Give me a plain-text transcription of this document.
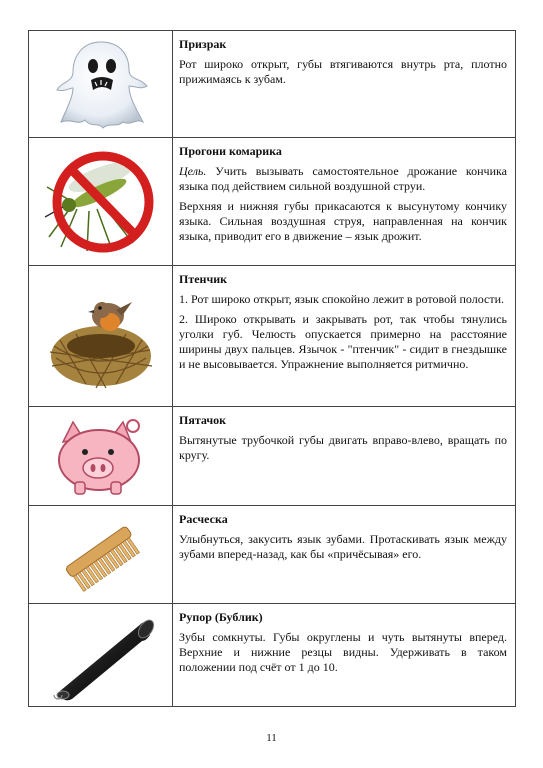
Призрак

Рот широко открыт, губы втягиваются внутрь рта, плотно прижимаясь к зубам.

Прогони комарика

Цель. Учить вызывать самостоятельное дрожание кончика языка под действием сильной воздушной струи.

Верхняя и нижняя губы прикасаются к высунутому кончику языка. Сильная воздушная струя, направленная на кончик языка, приводит его в движение – язык дрожит.

Птенчик

1. Рот широко открыт, язык спокойно лежит в ротовой полости.

2. Широко открывать и закрывать рот, так чтобы тянулись уголки губ. Челюсть опускается примерно на расстояние ширины двух пальцев. Язычок - "птенчик" - сидит в гнездышке и не высовывается. Упражнение выполняется ритмично.

Пятачок

Вытянутые трубочкой губы двигать вправо-влево, вращать по кругу.

Расческа

Улыбнуться, закусить язык зубами. Протаскивать язык между зубами вперед-назад, как бы «причёсывая» его.

Рупор (Бублик)

Зубы сомкнуты. Губы округлены и чуть вытянуты вперед. Верхние и нижние резцы видны. Удерживать в таком положении под счёт от 1 до 10.

11
